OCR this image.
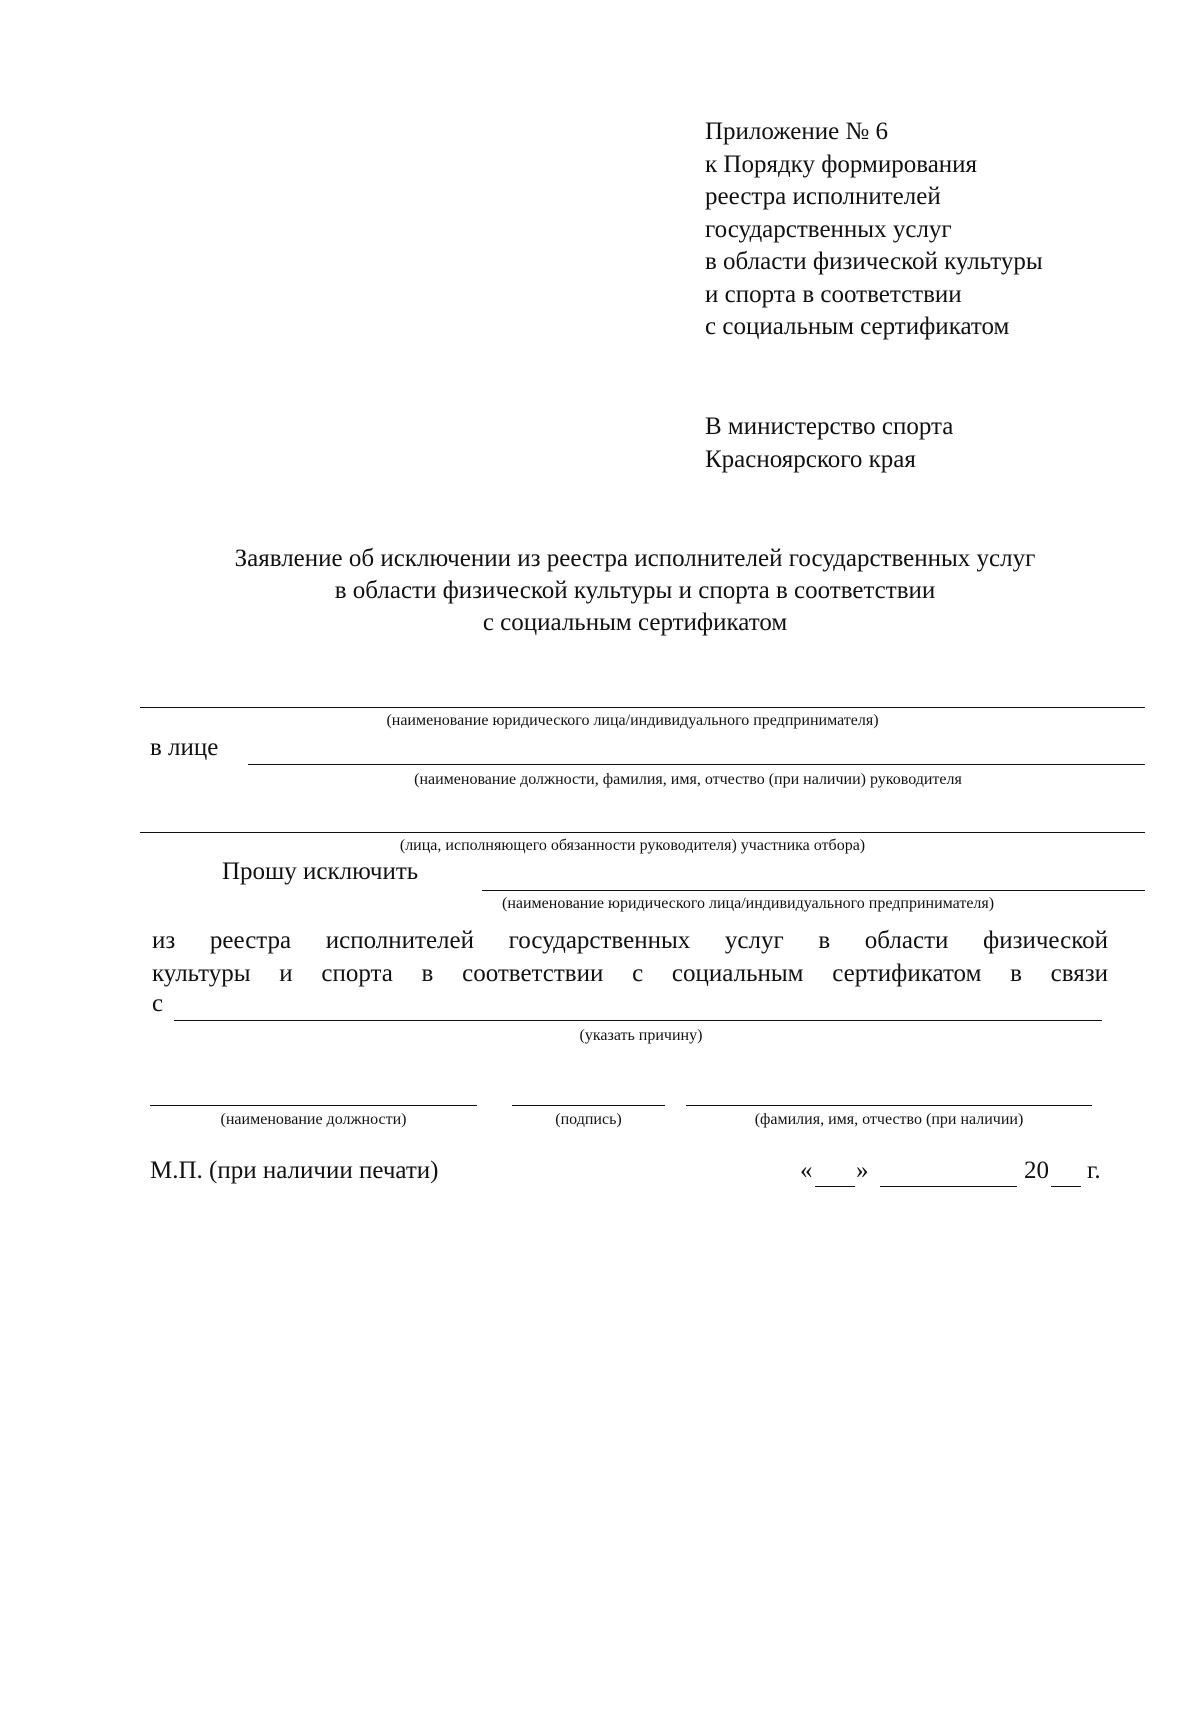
Приложение № 6
к Порядку формирования
реестра исполнителей
государственных услуг
в области физической культуры
и спорта в соответствии
с социальным сертификатом
В министерство спорта
Красноярского края
Заявление об исключении из реестра исполнителей государственных услуг
в области физической культуры и спорта в соответствии
с социальным сертификатом
(наименование юридического лица/индивидуального предпринимателя)
в лице
(наименование должности, фамилия, имя, отчество (при наличии) руководителя
(лица, исполняющего обязанности руководителя) участника отбора)
Прошу исключить
(наименование юридического лица/индивидуального предпринимателя)
из реестра исполнителей государственных услуг в области физической
культуры и спорта в соответствии с социальным сертификатом в связи
с
(указать причину)
(наименование должности)	(подпись)	(фамилия, имя, отчество (при наличии)
М.П. (при наличии печати)	« »	20 г.
